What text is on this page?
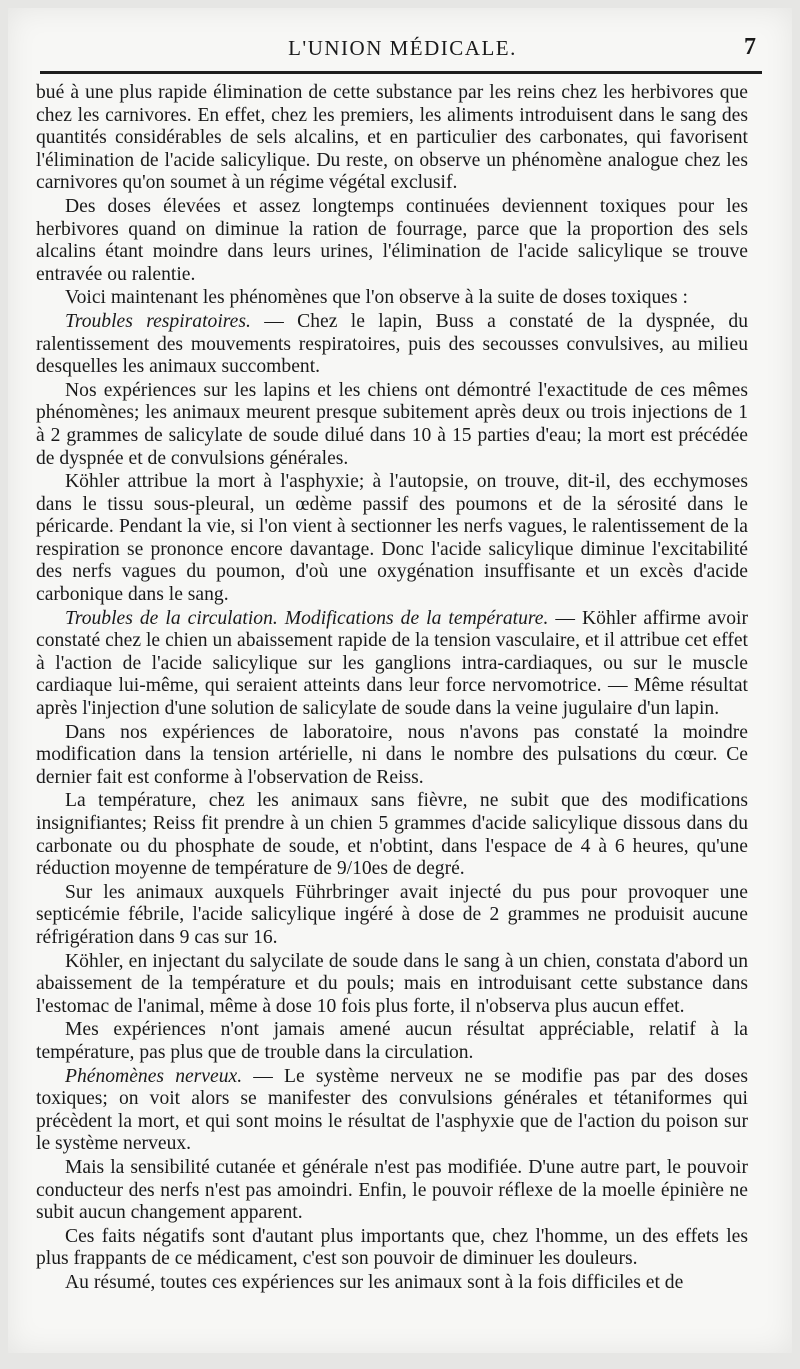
L'UNION MÉDICALE.	7

bué à une plus rapide élimination de cette substance par les reins chez les herbivores que chez les carnivores. En effet, chez les premiers, les aliments introduisent dans le sang des quantités considérables de sels alcalins, et en particulier des carbonates, qui favorisent l'élimination de l'acide salicylique. Du reste, on observe un phénomène analogue chez les carnivores qu'on soumet à un régime végétal exclusif.

Des doses élevées et assez longtemps continuées deviennent toxiques pour les herbivores quand on diminue la ration de fourrage, parce que la proportion des sels alcalins étant moindre dans leurs urines, l'élimination de l'acide salicylique se trouve entravée ou ralentie.

Voici maintenant les phénomènes que l'on observe à la suite de doses toxiques :

Troubles respiratoires. — Chez le lapin, Buss a constaté de la dyspnée, du ralentissement des mouvements respiratoires, puis des secousses convulsives, au milieu desquelles les animaux succombent.

Nos expériences sur les lapins et les chiens ont démontré l'exactitude de ces mêmes phénomènes; les animaux meurent presque subitement après deux ou trois injections de 1 à 2 grammes de salicylate de soude dilué dans 10 à 15 parties d'eau; la mort est précédée de dyspnée et de convulsions générales.

Köhler attribue la mort à l'asphyxie; à l'autopsie, on trouve, dit-il, des ecchymoses dans le tissu sous-pleural, un œdème passif des poumons et de la sérosité dans le péricarde. Pendant la vie, si l'on vient à sectionner les nerfs vagues, le ralentissement de la respiration se prononce encore davantage. Donc l'acide salicylique diminue l'excitabilité des nerfs vagues du poumon, d'où une oxygénation insuffisante et un excès d'acide carbonique dans le sang.

Troubles de la circulation. Modifications de la température. — Köhler affirme avoir constaté chez le chien un abaissement rapide de la tension vasculaire, et il attribue cet effet à l'action de l'acide salicylique sur les ganglions intra-cardiaques, ou sur le muscle cardiaque lui-même, qui seraient atteints dans leur force nervomotrice. — Même résultat après l'injection d'une solution de salicylate de soude dans la veine jugulaire d'un lapin.

Dans nos expériences de laboratoire, nous n'avons pas constaté la moindre modification dans la tension artérielle, ni dans le nombre des pulsations du cœur. Ce dernier fait est conforme à l'observation de Reiss.

La température, chez les animaux sans fièvre, ne subit que des modifications insignifiantes; Reiss fit prendre à un chien 5 grammes d'acide salicylique dissous dans du carbonate ou du phosphate de soude, et n'obtint, dans l'espace de 4 à 6 heures, qu'une réduction moyenne de température de 9/10es de degré.

Sur les animaux auxquels Führbringer avait injecté du pus pour provoquer une septicémie fébrile, l'acide salicylique ingéré à dose de 2 grammes ne produisit aucune réfrigération dans 9 cas sur 16.

Köhler, en injectant du salycilate de soude dans le sang à un chien, constata d'abord un abaissement de la température et du pouls; mais en introduisant cette substance dans l'estomac de l'animal, même à dose 10 fois plus forte, il n'observa plus aucun effet.

Mes expériences n'ont jamais amené aucun résultat appréciable, relatif à la température, pas plus que de trouble dans la circulation.

Phénomènes nerveux. — Le système nerveux ne se modifie pas par des doses toxiques; on voit alors se manifester des convulsions générales et tétaniformes qui précèdent la mort, et qui sont moins le résultat de l'asphyxie que de l'action du poison sur le système nerveux.

Mais la sensibilité cutanée et générale n'est pas modifiée. D'une autre part, le pouvoir conducteur des nerfs n'est pas amoindri. Enfin, le pouvoir réflexe de la moelle épinière ne subit aucun changement apparent.

Ces faits négatifs sont d'autant plus importants que, chez l'homme, un des effets les plus frappants de ce médicament, c'est son pouvoir de diminuer les douleurs.

Au résumé, toutes ces expériences sur les animaux sont à la fois difficiles et de
